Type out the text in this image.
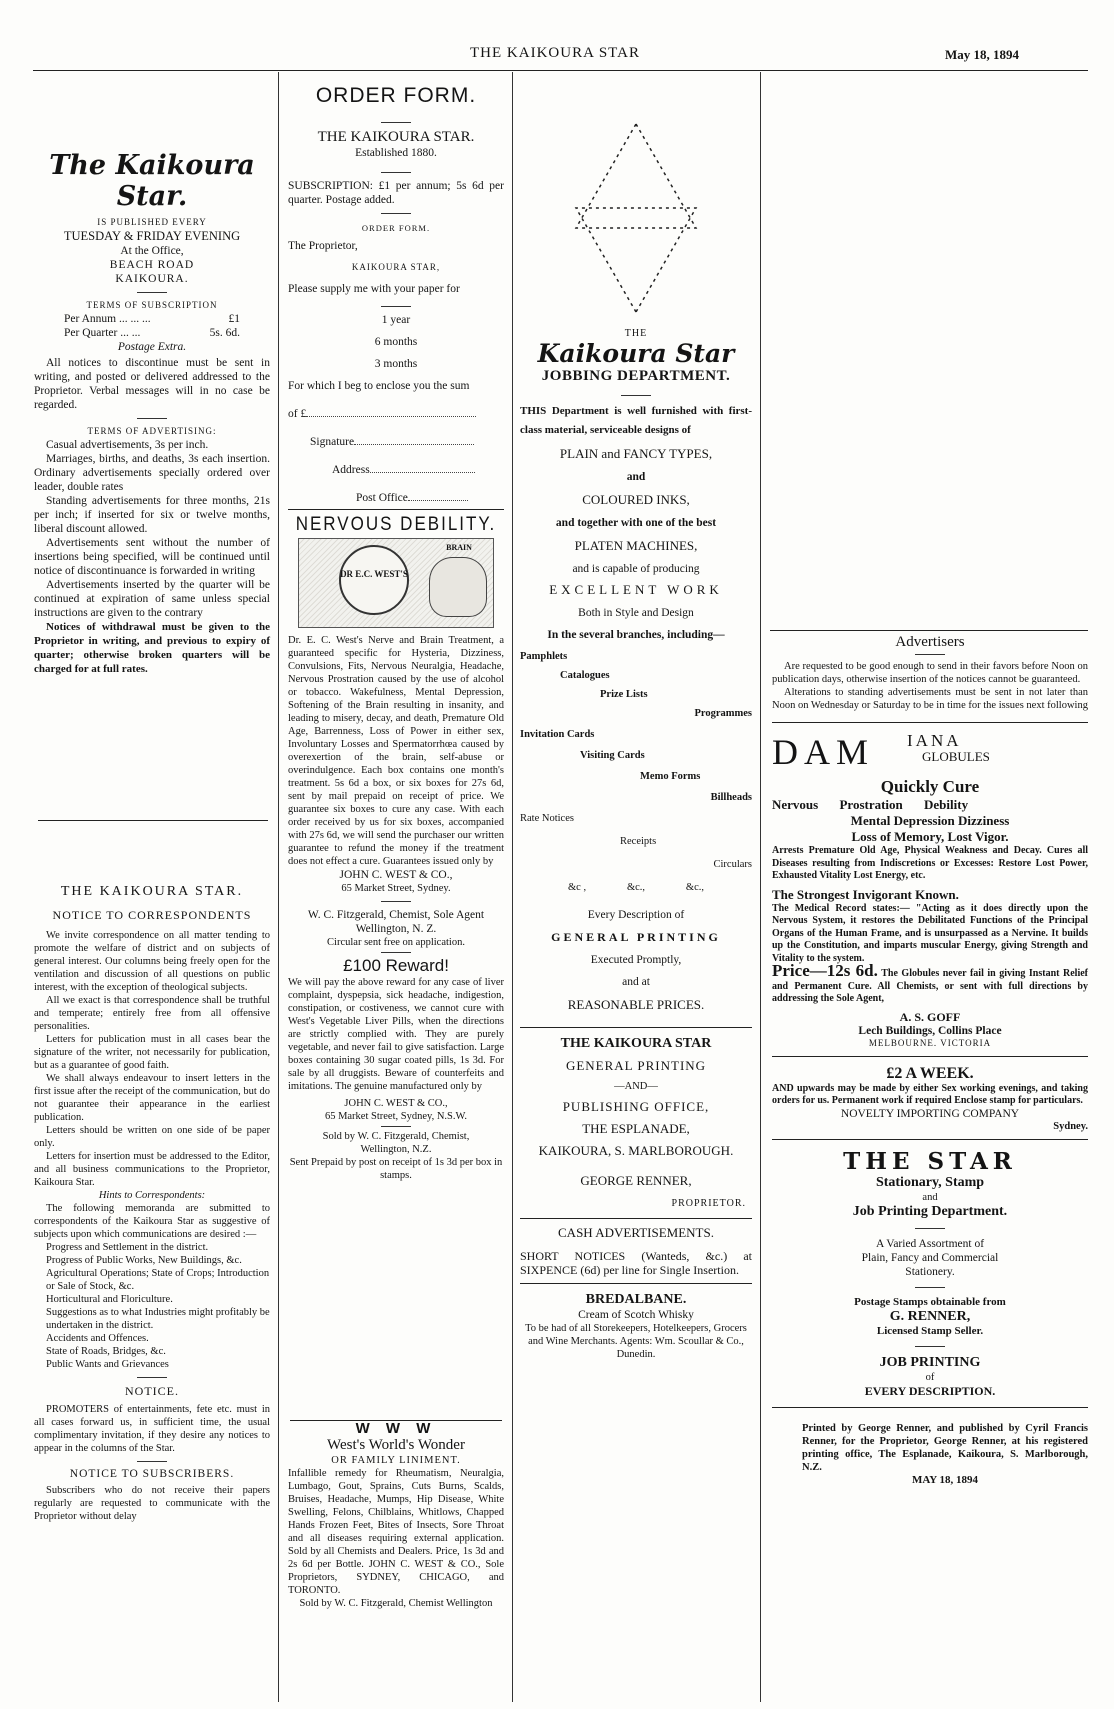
THE KAIKOURA STAR	May 18, 1894
The Kaikoura Star.
IS PUBLISHED EVERY
TUESDAY & FRIDAY EVENING
At the Office,
BEACH ROAD
KAIKOURA.
TERMS OF SUBSCRIPTION
Per Annum ... ... ...	£1
Per Quarter ... ...	5s. 6d.
Postage Extra.
All notices to discontinue must be sent in writing, and posted or delivered addressed to the Proprietor. Verbal messages will in no case be regarded.
TERMS OF ADVERTISING:
Casual advertisements, 3s per inch.
Marriages, births, and deaths, 3s each insertion. Ordinary advertisements specially ordered over leader, double rates
Standing advertisements for three months, 21s per inch; if inserted for six or twelve months, liberal discount allowed.
Advertisements sent without the number of insertions being specified, will be continued until notice of discontinuance is forwarded in writing
Advertisements inserted by the quarter will be continued at expiration of same unless special instructions are given to the contrary
Notices of withdrawal must be given to the Proprietor in writing, and previous to expiry of quarter; otherwise broken quarters will be charged for at full rates.
THE KAIKOURA STAR.
NOTICE TO CORRESPONDENTS
We invite correspondence on all matter tending to promote the welfare of district and on subjects of general interest. Our columns being freely open for the ventilation and discussion of all questions on public interest, with the exception of theological subjects.
All we exact is that correspondence shall be truthful and temperate; entirely free from all offensive personalities.
Letters for publication must in all cases bear the signature of the writer, not necessarily for publication, but as a guarantee of good faith.
We shall always endeavour to insert letters in the first issue after the receipt of the communication, but do not guarantee their appearance in the earliest publication.
Letters should be written on one side of be paper only.
Letters for insertion must be addressed to the Editor, and all business communications to the Proprietor, Kaikoura Star.
Hints to Correspondents:
The following memoranda are submitted to correspondents of the Kaikoura Star as suggestive of subjects upon which communications are desired :—
Progress and Settlement in the district.
Progress of Public Works, New Buildings, &c.
Agricultural Operations; State of Crops; Introduction or Sale of Stock, &c.
Horticultural and Floriculture.
Suggestions as to what Industries might profitably be undertaken in the district.
Accidents and Offences.
State of Roads, Bridges, &c.
Public Wants and Grievances
NOTICE.
PROMOTERS of entertainments, fete etc. must in all cases forward us, in sufficient time, the usual complimentary invitation, if they desire any notices to appear in the columns of the Star.
NOTICE TO SUBSCRIBERS.
Subscribers who do not receive their papers regularly are requested to communicate with the Proprietor without delay
ORDER FORM.
THE KAIKOURA STAR.
Established 1880.
SUBSCRIPTION: £1 per annum; 5s 6d per quarter. Postage added.
ORDER FORM.
The Proprietor,
KAIKOURA STAR,
Please supply me with your paper for
1 year
6 months
3 months
For which I beg to enclose you the sum
of £
Signature
Address
Post Office
NERVOUS DEBILITY.
DR E.C. WEST'S
BRAIN
Dr. E. C. West's Nerve and Brain Treatment, a guaranteed specific for Hysteria, Dizziness, Convulsions, Fits, Nervous Neuralgia, Headache, Nervous Prostration caused by the use of alcohol or tobacco. Wakefulness, Mental Depression, Softening of the Brain resulting in insanity, and leading to misery, decay, and death, Premature Old Age, Barrenness, Loss of Power in either sex, Involuntary Losses and Spermatorrhœa caused by overexertion of the brain, self-abuse or overindulgence. Each box contains one month's treatment. 5s 6d a box, or six boxes for 27s 6d, sent by mail prepaid on receipt of price. We guarantee six boxes to cure any case. With each order received by us for six boxes, accompanied with 27s 6d, we will send the purchaser our written guarantee to refund the money if the treatment does not effect a cure. Guarantees issued only by
JOHN C. WEST & CO.,
65 Market Street, Sydney.
W. C. Fitzgerald, Chemist, Sole Agent
Wellington, N. Z.
Circular sent free on application.
£100 Reward!
We will pay the above reward for any case of liver complaint, dyspepsia, sick headache, indigestion, constipation, or costiveness, we cannot cure with West's Vegetable Liver Pills, when the directions are strictly complied with. They are purely vegetable, and never fail to give satisfaction. Large boxes containing 30 sugar coated pills, 1s 3d. For sale by all druggists. Beware of counterfeits and imitations. The genuine manufactured only by
JOHN C. WEST & CO.,
65 Market Street, Sydney, N.S.W.
Sold by W. C. Fitzgerald, Chemist,
Wellington, N.Z.
Sent Prepaid by post on receipt of 1s 3d per box in stamps.
W W W
West's World's Wonder
OR FAMILY LINIMENT.
Infallible remedy for Rheumatism, Neuralgia, Lumbago, Gout, Sprains, Cuts Burns, Scalds, Bruises, Headache, Mumps, Hip Disease, White Swelling, Felons, Chilblains, Whitlows, Chapped Hands Frozen Feet, Bites of Insects, Sore Throat and all diseases requiring external application. Sold by all Chemists and Dealers. Price, 1s 3d and 2s 6d per Bottle. JOHN C. WEST & CO., Sole Proprietors, SYDNEY, CHICAGO, and TORONTO.
Sold by W. C. Fitzgerald, Chemist Wellington
THE
Kaikoura Star
JOBBING DEPARTMENT.
THIS Department is well furnished with first-class material, serviceable designs of
PLAIN and FANCY TYPES,
and
COLOURED INKS,
and together with one of the best
PLATEN MACHINES,
and is capable of producing
EXCELLENT WORK
Both in Style and Design
In the several branches, including—
Pamphlets
Catalogues
Prize Lists
Programmes
Invitation Cards
Visiting Cards
Memo Forms
Billheads
Rate Notices
Receipts
Circulars
&c ,	&c.,	&c.,
Every Description of
GENERAL PRINTING
Executed Promptly,
and at
REASONABLE PRICES.
THE KAIKOURA STAR
GENERAL PRINTING
—AND—
PUBLISHING OFFICE,
THE ESPLANADE,
KAIKOURA, S. MARLBOROUGH.
GEORGE RENNER,
PROPRIETOR.
CASH ADVERTISEMENTS.
SHORT NOTICES (Wanteds, &c.) at SIXPENCE (6d) per line for Single Insertion.
BREDALBANE.
Cream of Scotch Whisky
To be had of all Storekeepers, Hotelkeepers, Grocers and Wine Merchants. Agents: Wm. Scoullar & Co., Dunedin.
Advertisers
Are requested to be good enough to send in their favors before Noon on publication days, otherwise insertion of the notices cannot be guaranteed.
Alterations to standing advertisements must be sent in not later than Noon on Wednesday or Saturday to be in time for the issues next following
DAM IANA
GLOBULES
Quickly Cure
Nervous Prostration Debility
Mental Depression Dizziness
Loss of Memory, Lost Vigor.
Arrests Premature Old Age, Physical Weakness and Decay. Cures all Diseases resulting from Indiscretions or Excesses: Restore Lost Power, Exhausted Vitality Lost Energy, etc.
The Strongest Invigorant Known.
The Medical Record states:— "Acting as it does directly upon the Nervous System, it restores the Debilitated Functions of the Principal Organs of the Human Frame, and is unsurpassed as a Nervine. It builds up the Constitution, and imparts muscular Energy, giving Strength and Vitality to the system.
Price—12s 6d. The Globules never fail in giving Instant Relief and Permanent Cure. All Chemists, or sent with full directions by addressing the Sole Agent,
A. S. GOFF
Lech Buildings, Collins Place
MELBOURNE. VICTORIA
£2 A WEEK.
AND upwards may be made by either Sex working evenings, and taking orders for us. Permanent work if required Enclose stamp for particulars.
NOVELTY IMPORTING COMPANY
Sydney.
THE STAR
Stationary, Stamp
and
Job Printing Department.
A Varied Assortment of
Plain, Fancy and Commercial
Stationery.
Postage Stamps obtainable from
G. RENNER,
Licensed Stamp Seller.
JOB PRINTING
of
EVERY DESCRIPTION.
Printed by George Renner, and published by Cyril Francis Renner, for the Proprietor, George Renner, at his registered printing office, The Esplanade, Kaikoura, S. Marlborough, N.Z.
MAY 18, 1894
